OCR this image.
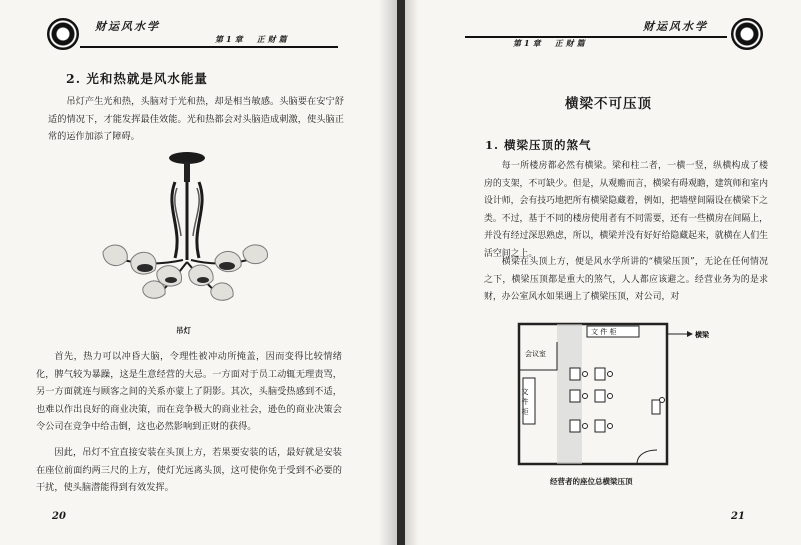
财运风水学
第1章　正财篇
2. 光和热就是风水能量

吊灯产生光和热，头脑对于光和热，却是相当敏感。头脑要在安宁舒适的情况下，才能发挥最佳效能。光和热都会对头脑造成刺激，使头脑正常的运作加添了障碍。

吊灯

首先，热力可以冲昏大脑，令理性被冲动所掩盖，因而变得比较情绪化，脾气较为暴躁，这是生意经营的大忌。一方面对于员工动辄无理责骂，另一方面就连与顾客之间的关系亦蒙上了阴影。其次，头脑受热感到不适，也难以作出良好的商业决策，而在竞争极大的商业社会，逊色的商业决策会令公司在竞争中给击倒，这也必然影响到正财的获得。

因此，吊灯不宜直接安装在头顶上方，若果要安装的话，最好就是安装在座位前面约两三尺的上方，使灯光远离头顶，这可使你免于受到不必要的干扰，使头脑潜能得到有效发挥。

20
财运风水学
第1章　正财篇
横梁不可压顶
1. 横梁压顶的煞气

每一所楼房都必然有横梁。梁和柱二者，一横一竖，纵横构成了楼房的支架，不可缺少。但是，从观赡而言，横梁有碍观瞻，建筑师和室内设计师，会有技巧地把所有横梁隐藏着，例如，把墙壁间隔设在横梁下之类。不过，基于不同的楼房使用者有不同需要，还有一些横房在间隔上，并没有经过深思熟虑，所以，横梁并没有好好给隐藏起来，就横在人们生活空间之上。

横梁在头顶上方，便是风水学所讲的“横梁压顶”，无论在任何情况之下，横梁压顶都是重大的煞气，人人都应该避之。经营业务为的是求财，办公室风水如果遇上了横梁压顶，对公司，对

文 件 柜	横梁
会议室
文件柜
经营者的座位总横梁压顶
21
